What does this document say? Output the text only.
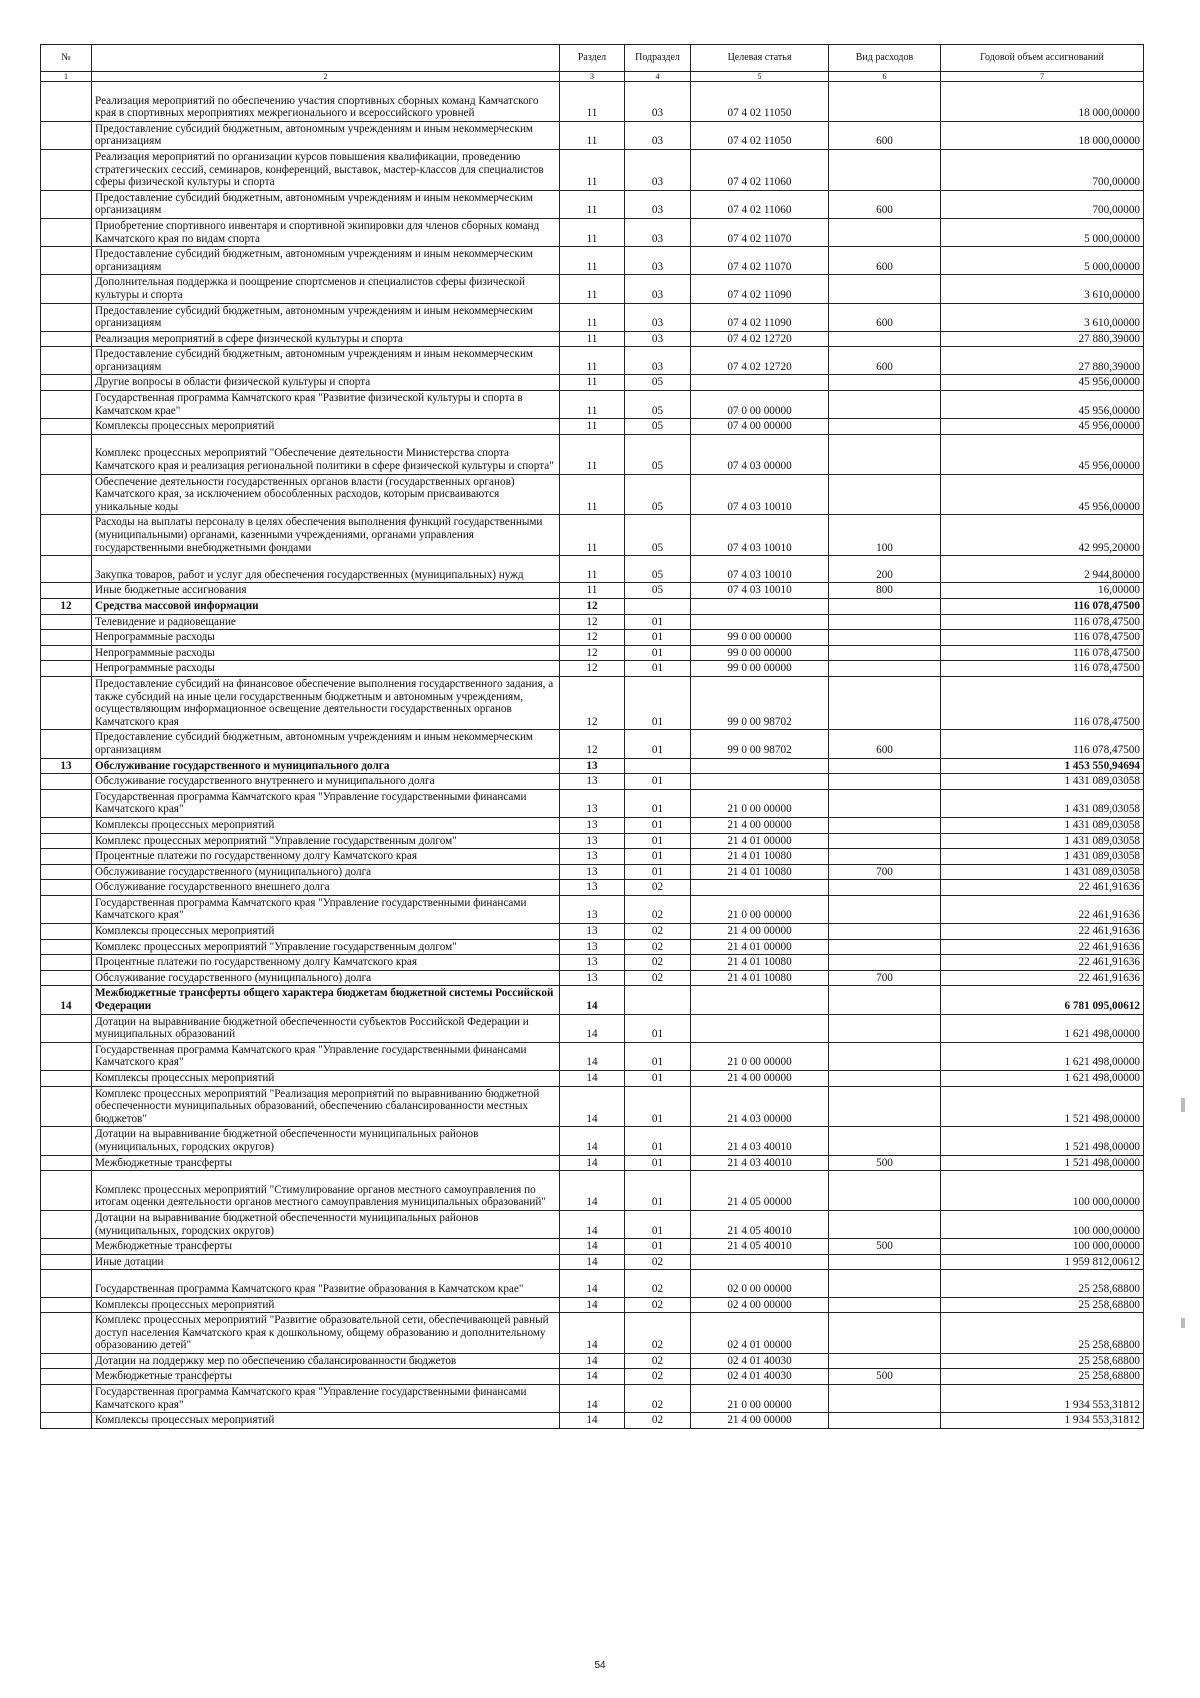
№		Раздел	Подраздел	Целевая статья	Вид расходов	Годовой объем ассигнований
1	2	3	4	5	6	7
	Реализация мероприятий по обеспечению участия спортивных сборных команд Камчатского края в спортивных мероприятиях межрегионального и всероссийского уровней	11	03	07 4 02 11050		18 000,00000
	Предоставление субсидий бюджетным, автономным учреждениям и иным некоммерческим организациям	11	03	07 4 02 11050	600	18 000,00000
	Реализация мероприятий по организации курсов повышения квалификации, проведению стратегических сессий, семинаров, конференций, выставок, мастер-классов для специалистов сферы физической культуры и спорта	11	03	07 4 02 11060		700,00000
	Предоставление субсидий бюджетным, автономным учреждениям и иным некоммерческим организациям	11	03	07 4 02 11060	600	700,00000
	Приобретение спортивного инвентаря и спортивной экипировки для членов сборных команд Камчатского края по видам спорта	11	03	07 4 02 11070		5 000,00000
	Предоставление субсидий бюджетным, автономным учреждениям и иным некоммерческим организациям	11	03	07 4 02 11070	600	5 000,00000
	Дополнительная поддержка и поощрение спортсменов и специалистов сферы физической культуры и спорта	11	03	07 4 02 11090		3 610,00000
	Предоставление субсидий бюджетным, автономным учреждениям и иным некоммерческим организациям	11	03	07 4 02 11090	600	3 610,00000
	Реализация мероприятий в сфере физической культуры и спорта	11	03	07 4 02 12720		27 880,39000
	Предоставление субсидий бюджетным, автономным учреждениям и иным некоммерческим организациям	11	03	07 4 02 12720	600	27 880,39000
	Другие вопросы в области физической культуры и спорта	11	05			45 956,00000
	Государственная программа Камчатского края "Развитие физической культуры и спорта в Камчатском крае"	11	05	07 0 00 00000		45 956,00000
	Комплексы процессных мероприятий	11	05	07 4 00 00000		45 956,00000
	Комплекс процессных мероприятий "Обеспечение деятельности Министерства спорта Камчатского края и реализация региональной политики в сфере физической культуры и спорта"	11	05	07 4 03 00000		45 956,00000
	Обеспечение деятельности государственных органов власти (государственных органов) Камчатского края, за исключением обособленных расходов, которым присваиваются уникальные коды	11	05	07 4 03 10010		45 956,00000
	Расходы на выплаты персоналу в целях обеспечения выполнения функций государственными (муниципальными) органами, казенными учреждениями, органами управления государственными внебюджетными фондами	11	05	07 4 03 10010	100	42 995,20000
	Закупка товаров, работ и услуг для обеспечения государственных (муниципальных) нужд	11	05	07 4 03 10010	200	2 944,80000
	Иные бюджетные ассигнования	11	05	07 4 03 10010	800	16,00000
12	Средства массовой информации	12				116 078,47500
	Телевидение и радиовещание	12	01			116 078,47500
	Непрограммные расходы	12	01	99 0 00 00000		116 078,47500
	Непрограммные расходы	12	01	99 0 00 00000		116 078,47500
	Непрограммные расходы	12	01	99 0 00 00000		116 078,47500
	Предоставление субсидий на финансовое обеспечение выполнения государственного задания, а также субсидий на иные цели государственным бюджетным и автономным учреждениям, осуществляющим информационное освещение деятельности государственных органов Камчатского края	12	01	99 0 00 98702		116 078,47500
	Предоставление субсидий бюджетным, автономным учреждениям и иным некоммерческим организациям	12	01	99 0 00 98702	600	116 078,47500
13	Обслуживание государственного и муниципального долга	13				1 453 550,94694
	Обслуживание государственного внутреннего и муниципального долга	13	01			1 431 089,03058
	Государственная программа Камчатского края "Управление государственными финансами Камчатского края"	13	01	21 0 00 00000		1 431 089,03058
	Комплексы процессных мероприятий	13	01	21 4 00 00000		1 431 089,03058
	Комплекс процессных мероприятий "Управление государственным долгом"	13	01	21 4 01 00000		1 431 089,03058
	Процентные платежи по государственному долгу Камчатского края	13	01	21 4 01 10080		1 431 089,03058
	Обслуживание государственного (муниципального) долга	13	01	21 4 01 10080	700	1 431 089,03058
	Обслуживание государственного внешнего долга	13	02			22 461,91636
	Государственная программа Камчатского края "Управление государственными финансами Камчатского края"	13	02	21 0 00 00000		22 461,91636
	Комплексы процессных мероприятий	13	02	21 4 00 00000		22 461,91636
	Комплекс процессных мероприятий "Управление государственным долгом"	13	02	21 4 01 00000		22 461,91636
	Процентные платежи по государственному долгу Камчатского края	13	02	21 4 01 10080		22 461,91636
	Обслуживание государственного (муниципального) долга	13	02	21 4 01 10080	700	22 461,91636
14	Межбюджетные трансферты общего характера бюджетам бюджетной системы Российской Федерации	14				6 781 095,00612
	Дотации на выравнивание бюджетной обеспеченности субъектов Российской Федерации и муниципальных образований	14	01			1 621 498,00000
	Государственная программа Камчатского края "Управление государственными финансами Камчатского края"	14	01	21 0 00 00000		1 621 498,00000
	Комплексы процессных мероприятий	14	01	21 4 00 00000		1 621 498,00000
	Комплекс процессных мероприятий "Реализация мероприятий по выравниванию бюджетной обеспеченности муниципальных образований, обеспечению сбалансированности местных бюджетов"	14	01	21 4 03 00000		1 521 498,00000
	Дотации на выравнивание бюджетной обеспеченности муниципальных районов (муниципальных, городских округов)	14	01	21 4 03 40010		1 521 498,00000
	Межбюджетные трансферты	14	01	21 4 03 40010	500	1 521 498,00000
	Комплекс процессных мероприятий "Стимулирование органов местного самоуправления по итогам оценки деятельности органов местного самоуправления муниципальных образований"	14	01	21 4 05 00000		100 000,00000
	Дотации на выравнивание бюджетной обеспеченности муниципальных районов (муниципальных, городских округов)	14	01	21 4 05 40010		100 000,00000
	Межбюджетные трансферты	14	01	21 4 05 40010	500	100 000,00000
	Иные дотации	14	02			1 959 812,00612
	Государственная программа Камчатского края "Развитие образования в Камчатском крае"	14	02	02 0 00 00000		25 258,68800
	Комплексы процессных мероприятий	14	02	02 4 00 00000		25 258,68800
	Комплекс процессных мероприятий "Развитие образовательной сети, обеспечивающей равный доступ населения Камчатского края к дошкольному, общему образованию и дополнительному образованию детей"	14	02	02 4 01 00000		25 258,68800
	Дотации на поддержку мер по обеспечению сбалансированности бюджетов	14	02	02 4 01 40030		25 258,68800
	Межбюджетные трансферты	14	02	02 4 01 40030	500	25 258,68800
	Государственная программа Камчатского края "Управление государственными финансами Камчатского края"	14	02	21 0 00 00000		1 934 553,31812
	Комплексы процессных мероприятий	14	02	21 4 00 00000		1 934 553,31812
54
